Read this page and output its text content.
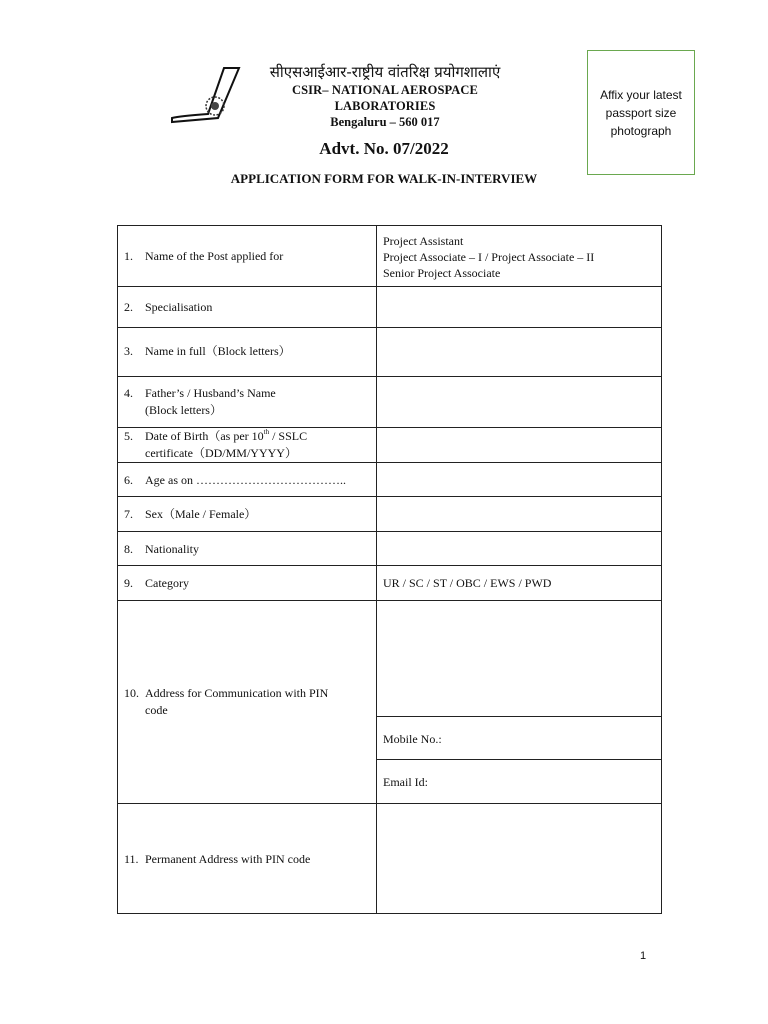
सीएसआईआर-राष्ट्रीय वांतरिक्ष प्रयोगशालाएं
CSIR– NATIONAL AEROSPACE LABORATORIES
Bengaluru – 560 017
Affix your latest passport size photograph
Advt. No. 07/2022
APPLICATION FORM FOR WALK-IN-INTERVIEW
1. Name of the Post applied for
Project Assistant
Project Associate – I / Project Associate – II
Senior Project Associate
2. Specialisation
3. Name in full（Block letters）
4. Father’s / Husband’s Name
(Block letters）
5. Date of Birth（as per 10th / SSLC
certificate（DD/MM/YYYY）
6. Age as on ………………………………..
7. Sex（Male / Female）
8. Nationality
9. Category	UR / SC / ST / OBC / EWS / PWD
10. Address for Communication with PIN
code
Mobile No.:
Email Id:
11. Permanent Address with PIN code
1
